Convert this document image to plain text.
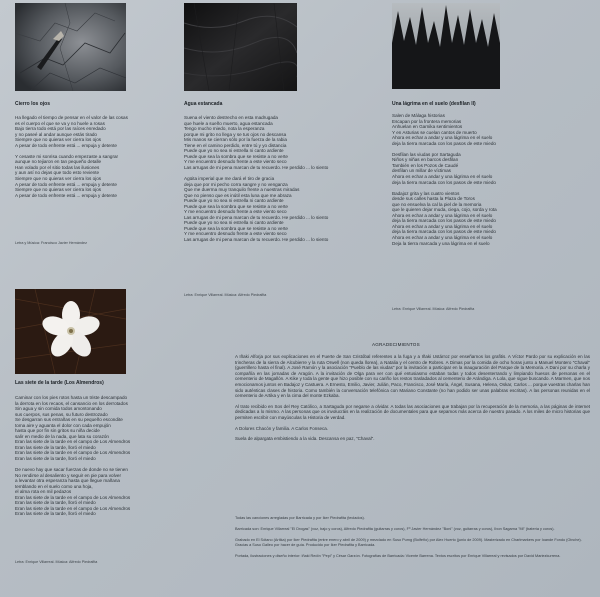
Cierro los ojos
Ha llegado el tiempo de pensar en el valor de las cosas
es el cuerpo el que se va y no huele a rosas
Bajo tierra todo está por las raíces enredado
y no paseé al andar aunque estás tirado
Siempre que no quieras ver cierra los ojos
A pesar de todo enfrente está ... empuja y detente
Y cesaste mi sonrisa cuando empezaste a sangrar
aunque no tejiaron en tan pequeño detalle
Han volado por el sitio todas las ilusiones
y aun así no dejas que todo esto reviente
Siempre que no quieras ver cierra los ojos
A pesar de todo enfrente está ... empuja y detente
Siempre que no quieras ver cierra los ojos
A pesar de todo enfrente está ... empuja y detente
Letra y Música: Francisco Javier Hernández
Agua estancada
Suena el viento destrecho en esta madrugada
que huele a sueño muerto, agua estancada
Tengo mucho miedo, nota la esperanza
porque mi grito no llega y se tus ojos no descansa
Mis manos se cierran sólo por la fuerza de la rabia
Tiene en el camino perdido, entre tú y yo distancia
Puede que yo no sea ni estrella ni canto ardiente
Puede que sea la sombra que se resiste a no verte
Y me encuentro desnudo frente a este viento seco
Las arrugas de mi pena marcan de tu recuerdo. He perdido ... lo siento
Agüita imperial que me dará el tiro de gracia
deja que por mi pecho corra sangre y no venganza
Que me duerma muy tranquilo frente a nuestras miradas
Que no pienso que es inútil esta luna que me abraza
Puede que yo no sea ni estrella ni canto ardiente
Puede que sea la sombra que se resiste a no verte
Y me encuentro desnudo frente a este viento seco
Las arrugas de mi pena marcan de tu recuerdo. He perdido ... lo siento
Puede que yo no sea ni estrella ni canto ardiente
Puede que sea la sombra que se resiste a no verte
Y me encuentro desnudo frente a este viento seco
Las arrugas de mi pena marcan de tu recuerdo. He perdido ... lo siento
Letra: Enrique Villarreal. Música: Alfredo Piedrafita
Una lágrima en el suelo (desfilan ll)
Salen de Málaga historias
Escapan por la frontera memorias
Anhuelan en Garnika sentimientos
Y en Asturias se cuelan cantos de muerto
Ahora es echar a andar y una lágrima en el suelo
deja la tierra marcada con los pasos de este miedo
Desfilan las viudas por Sartaguda
Niños y niñas en barcos desfilan
También en los Pozos de Caudé
desfilan un millar de víctimas
Ahora es echar a andar y una lágrima en el suelo
deja la tierra marcada con los pasos de este miedo
Badajoz grita y las cuatro vientos
desde sus calles hasta la Plaza de Toros
que no ensuelva la cal la piel de la memoria
que le quieren dejar muda, ciega, cojo, sorda y rota
Ahora es echar a andar y una lágrima en el suelo
deja la tierra marcada con los pasos de este miedo
Ahora es echar a andar y una lágrima en el suelo
deja la tierra marcada con los pasos de este miedo
Ahora es echar a andar y una lágrima en el suelo
Deja la tierra marcada y una lágrima en el suelo
Letra: Enrique Villarreal. Música: Alfredo Piedrafita
Las siete de la tarde (Los Almendros)
Caminar con los pies rotos hasta un triste descampado
la derrota en los recaos, el cansancio en los derrotados
Sin agua y sin comida todos amontonando
sus cuerpos, sus penas, su futuro destrozado
Se desgarran sus entrañas en su pequeño escondite
toma aire y aguanta el dolor con cada empujón
hasta que por fin sin gritos su niña decide
salir en medio de la nada, que lata su corazón
Eran las siete de la tarde en el campo de Los Almendros
Eran las siete de la tarde, lloró el miedo
Eran las siete de la tarde en el campo de Los Almendros
Eran las siete de la tarde, lloró el miedo
De nuevo hay que sacar fuerzas de donde no se tienen
No rendirse al desaliento y seguir en pie para volver
a levantar otra esperanza hasta que llegue mañana
temblando en el suelo como una hoja,
el alma rota en mil pedazos
Eran las siete de la tarde en el campo de Los Almendros
Eran las siete de la tarde, lloró el miedo
Eran las siete de la tarde en el campo de Los Almendros
Eran las siete de la tarde, lloró el miedo
Letra: Enrique Villarreal. Música: Alfredo Piedrafita
AGRADECIMIENTOS

A Iñaki Alforja por sus explicaciones en el Fuerte de San Cristóbal referentes a la fuga y a Iñaki Ustárroz por enseñarnos los grafitis. A Víctor Pardo por su explicación en las trincheras de la sierra de Alcubierre y la ruta Orwell (non queda llorea), a Natalia y el centro de Robres. A Dimas por la comida de ocho horas junto a Manuel Montero "Chaval" (guerrillero hasta el final). A José Ramón y la asociación "Pueblo de las viudas" por la invitación a participar en la inauguración del Parque de la Memoria. A Dani por su charla y compañía en las jornadas de Aragón. A la invitación de Olga para ver con qué entusiasmo estaban todas y todos desenterrando y limpiando huesos de personas en el cementerio de Magallón. A Kike y toda la gente que hizo posible con su cariño los restos trasladados al cementerio de Arándiga. A Lola, que sigue buscando. A Marmen, que nos emocionamos juntos en Badajoz y Castuera. A Ernesto, Emilio, Javier, Julián, Paco, Francisco, José María, Ángel, Susana, Helena, Oskar, Carlos ... porque vuestras charlas han sido auténticas clases de historia. Como también la conversación telefónica con Mariano Constante (no han podido ser unas palabras escritas). A las personas reunidas en el cementerio de Artika y en la cima del monte Ezkaba.

Al trato recibido en Sos del Rey Católico, a Sartaguda por negarse a olvidar. A todas las asociaciones que trabajan por la recuperación de la memoria, a las páginas de internet dedicadas a lo mismo. A las personas que os involucráis en la realización de documentales para que sepamos más acerca de nuestro pasado. A los miles de micro historias que permiten escribir con mayúsculas la Historia de verdad.

A Dolores Chacón y familia. A Carlos Fonseca.

Suela de alpargata embistiendo a la vida. Descansa en paz, "Chaval".

Todas las canciones arregladas por Barricada y por Iker Piedrafita (teclados).

Barricada son: Enrique Villarreal "El Drogas" (voz, bajo y coros), Alfredo Piedrafita (guitarras y coros), Fº Javier Hernández "Boni" (voz, guitarras y coros), Ibon Sagarna "Mi" (batería y coros).

Grabado en El Sótano (Artika) por Iker Piedrafita (entre enero y abril de 2009) y mezclado en Suso Pumg (Bolfeño) por Alex Huerto (junio de 2009). Masterizado en Charlmarkers por Ioande Fondo (Oinche). Gracias a Suso Galleo por hacer de guía. Producido por Iker Piedrafita y Barricada.

Portada, ilustraciones y diseño interior: Iñaki Redín "Pepi" y César Garzón. Fotografías de Barricada: Vicente Barrena. Textos escritos por Enrique Villarreal y revisados por David Mariezkurrena.
